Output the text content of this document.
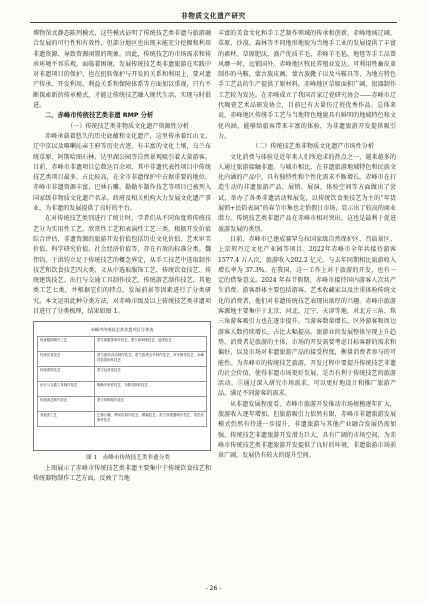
非物质文化遗产研究

博物馆式静态陈列模式，这些模式证明了传统技艺类非遗与旅游融合发展的可行性和有效性，但部分地区也出现未能充分挖掘和利用非遗资源、导致资源闲置的现象。因此，传统技艺的市场需求和传承环境不容乐观，面临着困境。发展传统技艺类非遗旅游在实践中对非遗项目的保护，也在扭转保护与开发的关系和利用上，要对遗产传承、开发利用、利益关系和保障体系等方面加以重视，只有不断探索新的传承模式，才能让传统技艺融入现代生活，实现与时俱进。

二、赤峰市传统技艺类非遗 RMP 分析

（一）传统技艺类非物质文化遗产资源性分析

赤峰承载着悠久的历史底蕴和文化遗产，这里传承着红山文、辽中京以及喀喇沁亲王府等历史古迹，有丰富的文化土壤，乌兰布统草原、阿斯哈图石林、达里湖公园等自然景观吸引着大量游客。目前，赤峰市非遗项目总数达百余项，其中非遗代表性项目中传统技艺类项目最多，占比较高，在全市非遗保护中占据重要的地位。赤峰市非遗资源丰富，巴林石雕、勒勒车制作技艺等项目已被列入国家级非物质文化遗产名录。政府及相关机构大力发展文化遗产事业，为非遗的发展提供了良好的平台。

在对传统技艺类别进行了统计时，学者们从不同角度将传统技艺分为实用性工艺、欣赏性工艺和表演性工艺三类，根据开发价值综合评估，非遗资源的旅游开发价值包括历史文化价值、艺术审美价值、科学研究价值、社会经济价值等，存在有效的标准分类。魏伟钧、于洪钧立足于传统技艺的概念界定，从手工技艺中选取制作技艺和饮食技艺四大类，又从中选取服饰工艺、传统饮食技艺、传统建筑技艺、出行与交通工具制作技艺、传统游艺制作技艺、其他类工艺七类，并根据它们的特点、发展前景等因素进行了分类研究。本文运用此种分类方法，对赤峰市级及以上传统技艺类非遗项目进行了分类梳理，结果如图 1。

赤峰市传统技艺类非遗项目分类表
传统服饰制作工艺	蒙古族服饰制作技艺、蒙古族刺绣技艺、毡绣技艺
传统饮食技艺	蒙古族奶食品制作技艺、蒙古族烤全羊制作技艺、对夹制作技艺、赤峰拌饸饹制作技艺
传统建筑技艺	蒙古包营造技艺
出行与交通工具制作技艺	勒勒车制作技艺、马鞍具制作技艺
传统游艺制作技艺	蒙古象棋制作技艺
其他类工艺	巴林石雕、桦树皮制作技艺、柳编技艺、蒙古族银器制作技艺、蒙医药制作技艺

图 1　赤峰市传统技艺类非遗分类

上图展示了赤峰市传统技艺类非遗主要集中于传统饮食技艺和传统器物制作工艺方面，反映了当地

丰富的美食文化和手工艺制作领域的传承和创新。赤峰地域辽阔，草原、沙漠、森林等不同地形地貌为当地手工业的发展提供了丰富的素材。草原肥沃，盛产优质羊毛，赤峰羊毛毡、地毯等手工品曾风靡一时，远销国外。赤峰地区牧民养殖业发达，可利用牲畜皮革制作的马鞍、蒙古族皮画、蒙古族靴子以及马鞍具等，为地方特色手工艺品的生产提供了原材料。赤峰地区草原面积广阔，银器制作工艺较为发达。在赤峰成立了我国首家辽瓷研究协会——赤峰市辽代陶瓷艺术品研发协会，目前已有大量仿辽瓷优秀作品。总体来说，赤峰地区传统手工艺与当地特色地貌具有鲜明的地域特色和文化内涵，能够给旅客带来丰富的体验，为非遗旅游开发提供吸引力。

（二）传统技艺类非物质文化遗产市场性分析

文化消费与体验是近年来人们所追求的热点之一，越来越多的人通过旅游接触非遗。与城市相比，在非遗旅游地域特色和民族文化内涵的产品中，具有独特性和个性化需求不断增长。赤峰市在打造生动的非遗旅游产品、展销、展演、体验空间等方面做出了尝试，举办了各类非遗活动和展览，以传统饮食类技艺为主的“年货展销+民俗表演”的春节市集也走俏假日市场，显示出了较高的商业潜力。传统技艺类非遗产品在赤峰市相对突出，这也是最利于促进旅游发展的类别。

目前，赤峰市已建成赛罕乌拉国家级自然保护区、召庙景区、上京契丹辽文化产业园等项目。2022年赤峰市全年共接待游客 1577.4 万人次，旅游收入202.2 亿元，与去年同期相比旅游收入增长率为 37.3%。在我国，这一工作上对于旅游的开发，也有一定的借鉴意义。2024 年春节假期，赤峰市接待国内游客人次共产生消费。游客群体主要包括游客、艺术收藏家以及注重体验传统文化的消费者，他们对非遗传统技艺表现出浓厚的兴趣。赤峰市旅游客源地主要集中于北京、河北、辽宁、天津等地，对北方三角、珠三角游客吸引力也在逐步提升。当游客数量增长，区外游客和周边游客人数持续增长，占比大幅提高。旅游业的发展整体呈现上升趋势，消费者是旅游的主体，市场的开发需要考虑目标客群的需求和偏好，以及市场对非遗旅游产品的接受程度，衡量消费者参与的可能性。为赤峰市的传统技艺旅游，开发过程中要提升传统技艺非遗的社会价值，使得非遗市场更好发展，是否有利于传统技艺的旅游活动。⑤通过深入研究市场需求，可以更好地设计和推广旅游产品，满足不同游客的需求。

从非遗发展程度看，赤峰市旅游开发推动市场规模逐年扩大，旅游收入逐年增加，但旅游吸引力依然有限，赤峰市非遗旅游发展模式仍然有待进一步提升，非遗旅游与其他产业融合发展仍需加强，传统技艺非遗旅游开发潜力巨大，具有广阔的市场空间，为赤峰市传统技艺类非遗旅游开发提供了良好的环境，非遗旅游市场前景广阔，发展仍有较大的提升空间。

- 26 -
